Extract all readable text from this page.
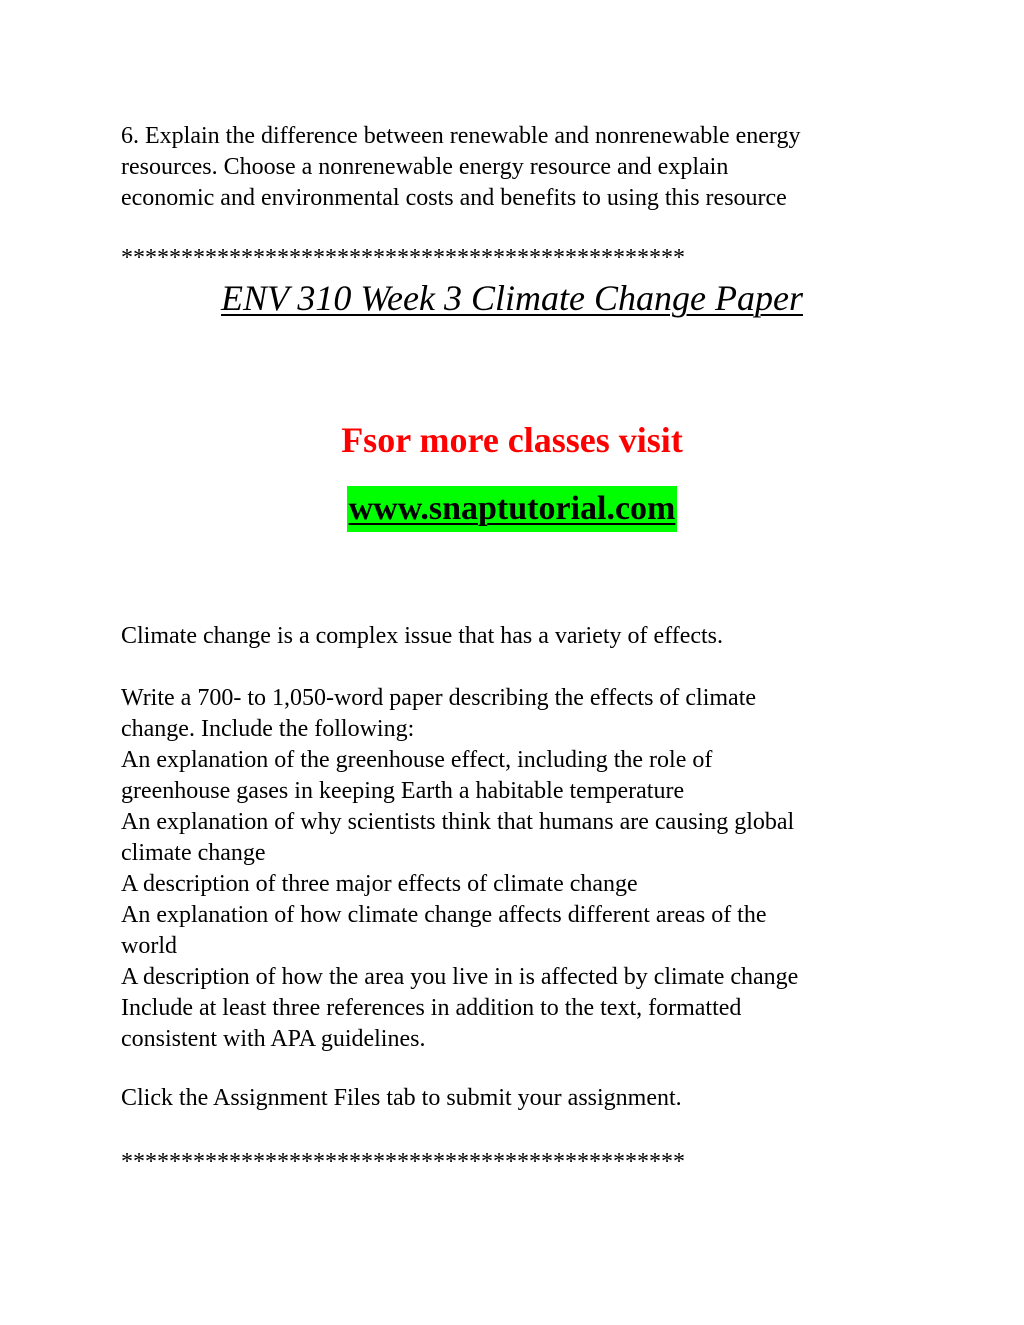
6. Explain the difference between renewable and nonrenewable energy
resources. Choose a nonrenewable energy resource and explain
economic and environmental costs and benefits to using this resource
***********************************************
ENV 310 Week 3 Climate Change Paper
Fsor more classes visit
www.snaptutorial.com
Climate change is a complex issue that has a variety of effects.
Write a 700- to 1,050-word paper describing the effects of climate
change. Include the following:
An explanation of the greenhouse effect, including the role of
greenhouse gases in keeping Earth a habitable temperature
An explanation of why scientists think that humans are causing global
climate change
A description of three major effects of climate change
An explanation of how climate change affects different areas of the
world
A description of how the area you live in is affected by climate change
Include at least three references in addition to the text, formatted
consistent with APA guidelines.
Click the Assignment Files tab to submit your assignment.
***********************************************
